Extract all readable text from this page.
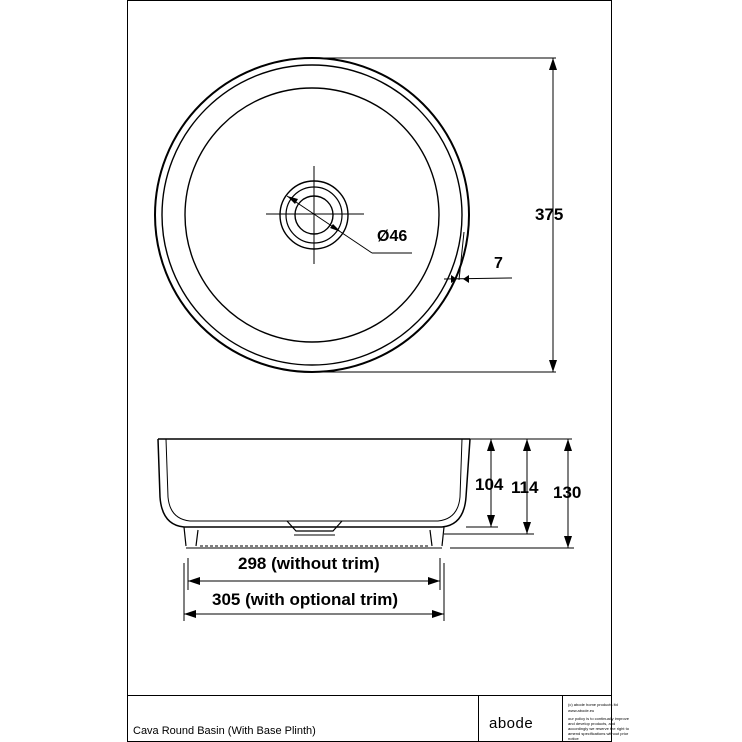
375
Ø46
7
104 114 130
298 (without trim)
305 (with optional trim)
Cava Round Basin (With Base Plinth)	abode
(c) abode home products ltd
www.abode.eu
our policy is to continually improve and develop products, and accordingly we reserve the right to amend specifications without prior notice
